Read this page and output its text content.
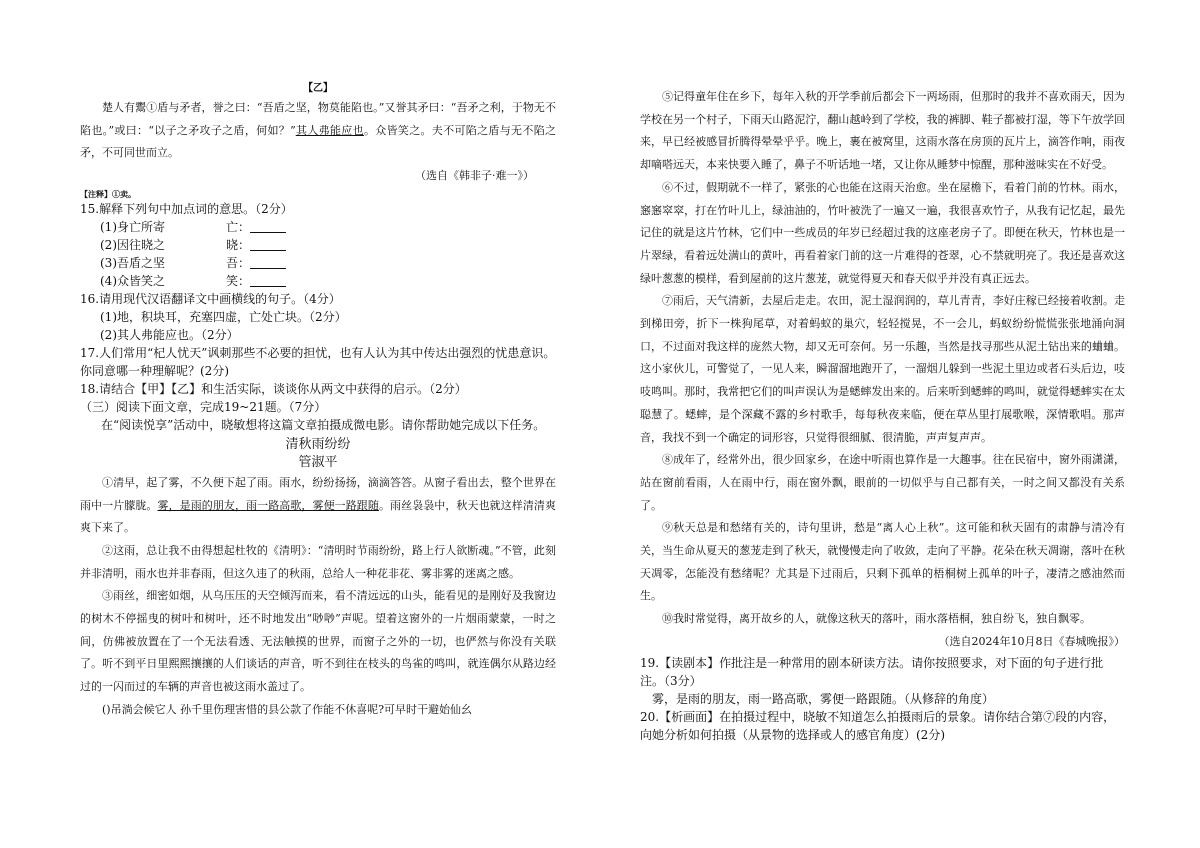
【乙】

楚人有鬻①盾与矛者，誉之曰：“吾盾之坚，物莫能陷也。”又誉其矛曰：“吾矛之利，于物无不陷也。”或曰：“以子之矛攻子之盾，何如？”其人弗能应也。众皆笑之。夫不可陷之盾与无不陷之矛，不可同世而立。

（选自《韩非子·难一》）

【注释】①卖。

15.解释下列句中加点词的意思。（2分）

(1)身亡所寄	亡：
(2)因往晓之	晓：
(3)吾盾之坚	吾：
(4)众皆笑之	笑：

16.请用现代汉语翻译文中画横线的句子。（4分）

(1)地，积块耳，充塞四虚，亡处亡块。（2分）

(2)其人弗能应也。（2分）

17.人们常用“杞人忧天”讽刺那些不必要的担忧，也有人认为其中传达出强烈的忧患意识。你同意哪一种理解呢？(2分)

18.请结合【甲】【乙】和生活实际，谈谈你从两文中获得的启示。（2分）

（三）阅读下面文章，完成19~21题。（7分）

在“阅读悦享”活动中，晓敏想将这篇文章拍摄成微电影。请你帮助她完成以下任务。

清秋雨纷纷

管淑平

①清早，起了雾，不久便下起了雨。雨水，纷纷扬扬，滴滴答答。从窗子看出去，整个世界在雨中一片朦胧。雾，是雨的朋友，雨一路高歌，雾便一路跟随。雨丝袅袅中，秋天也就这样清清爽爽下来了。

②这雨，总让我不由得想起杜牧的《清明》：“清明时节雨纷纷，路上行人欲断魂。”不管，此刻并非清明，雨水也并非春雨，但这久违了的秋雨，总给人一种花非花、雾非雾的迷离之感。

③雨丝，细密如烟，从乌压压的天空倾泻而来，看不清远远的山头，能看见的是刚好及我窗边的树木不停摇曳的树叶和树叶，还不时地发出“唦唦”声呢。望着这窗外的一片烟雨蒙蒙，一时之间，仿佛被放置在了一个无法看透、无法触摸的世界，而窗子之外的一切，也俨然与你没有关联了。听不到平日里熙熙攘攘的人们谈话的声音，听不到往在枝头的鸟雀的鸣叫，就连偶尔从路边经过的一闪而过的车辆的声音也被这雨水盖过了。

()吊淌会候它人 孙千里伤理害惜的县公款了作能不休喜呢?可早时干避始仙幺

⑤记得童年住在乡下，每年入秋的开学季前后都会下一两场雨，但那时的我并不喜欢雨天，因为学校在另一个村子，下雨天山路泥泞，翻山越岭到了学校，我的裤脚、鞋子都被打湿，等下午放学回来，早已经被感冒折腾得晕晕乎乎。晚上，裹在被窝里，这雨水落在房顶的瓦片上，滴答作响，雨夜却嘀嗒远天，本来快要入睡了，鼻子不听话地一堵，又让你从睡梦中惊醒，那种滋味实在不好受。

⑥不过，假期就不一样了，紧张的心也能在这雨天治愈。坐在屋檐下，看着门前的竹林。雨水，窸窸窣窣，打在竹叶儿上，绿油油的，竹叶被洗了一遍又一遍，我很喜欢竹子，从我有记忆起，最先记住的就是这片竹林，它们中一些成员的年岁已经超过我的这座老房子了。即便在秋天，竹林也是一片翠绿，看着远处满山的黄叶，再看着家门前的这一片难得的苍翠，心不禁就明亮了。我还是喜欢这绿叶葱葱的模样，看到屋前的这片葱茏，就觉得夏天和春天似乎并没有真正远去。

⑦雨后，天气清新，去屋后走走。农田，泥土湿润润的，草儿青青，李好庄稼已经接着收割。走到梯田旁，折下一株狗尾草，对着蚂蚁的巢穴，轻轻搅晃，不一会儿，蚂蚁纷纷慌慌张张地涌向洞口，不过面对我这样的庞然大物，却又无可奈何。另一乐趣，当然是找寻那些从泥土钻出来的蛐蛐。这小家伙儿，可警觉了，一见人来，瞬溜溜地跑开了，一溜烟儿躲到一些泥土里边或者石头后边，吱吱鸣叫。那时，我常把它们的叫声误认为是蟋蟀发出来的。后来听到蟋蟀的鸣叫，就觉得蟋蟀实在太聪慧了。蟋蟀，是个深藏不露的乡村歌手，每每秋夜来临，便在草丛里打展歌喉，深情歌唱。那声音，我找不到一个确定的词形容，只觉得很细腻、很清脆，声声复声声。

⑧成年了，经常外出，很少回家乡，在途中听雨也算作是一大趣事。往在民宿中，窗外雨潇潇，站在窗前看雨，人在雨中行，雨在窗外飘，眼前的一切似乎与自己都有关，一时之间又都没有关系了。

⑨秋天总是和愁绪有关的，诗句里讲，愁是“离人心上秋”。这可能和秋天固有的肃静与清冷有关，当生命从夏天的葱茏走到了秋天，就慢慢走向了收敛，走向了平静。花朵在秋天凋谢，落叶在秋天凋零，怎能没有愁绪呢？尤其是下过雨后，只剩下孤单的梧桐树上孤单的叶子，凄清之感油然而生。

⑩我时常觉得，离开故乡的人，就像这秋天的落叶，雨水落梧桐，独自纷飞，独自飘零。

（选自2024年10月8日《春城晚报》）

19.【读剧本】作批注是一种常用的剧本研读方法。请你按照要求，对下面的句子进行批注。（3分）

雾，是雨的朋友，雨一路高歌，雾便一路跟随。（从修辞的角度）

20.【析画面】在拍摄过程中，晓敏不知道怎么拍摄雨后的景象。请你结合第⑦段的内容，向她分析如何拍摄（从景物的选择或人的感官角度）(2分)
